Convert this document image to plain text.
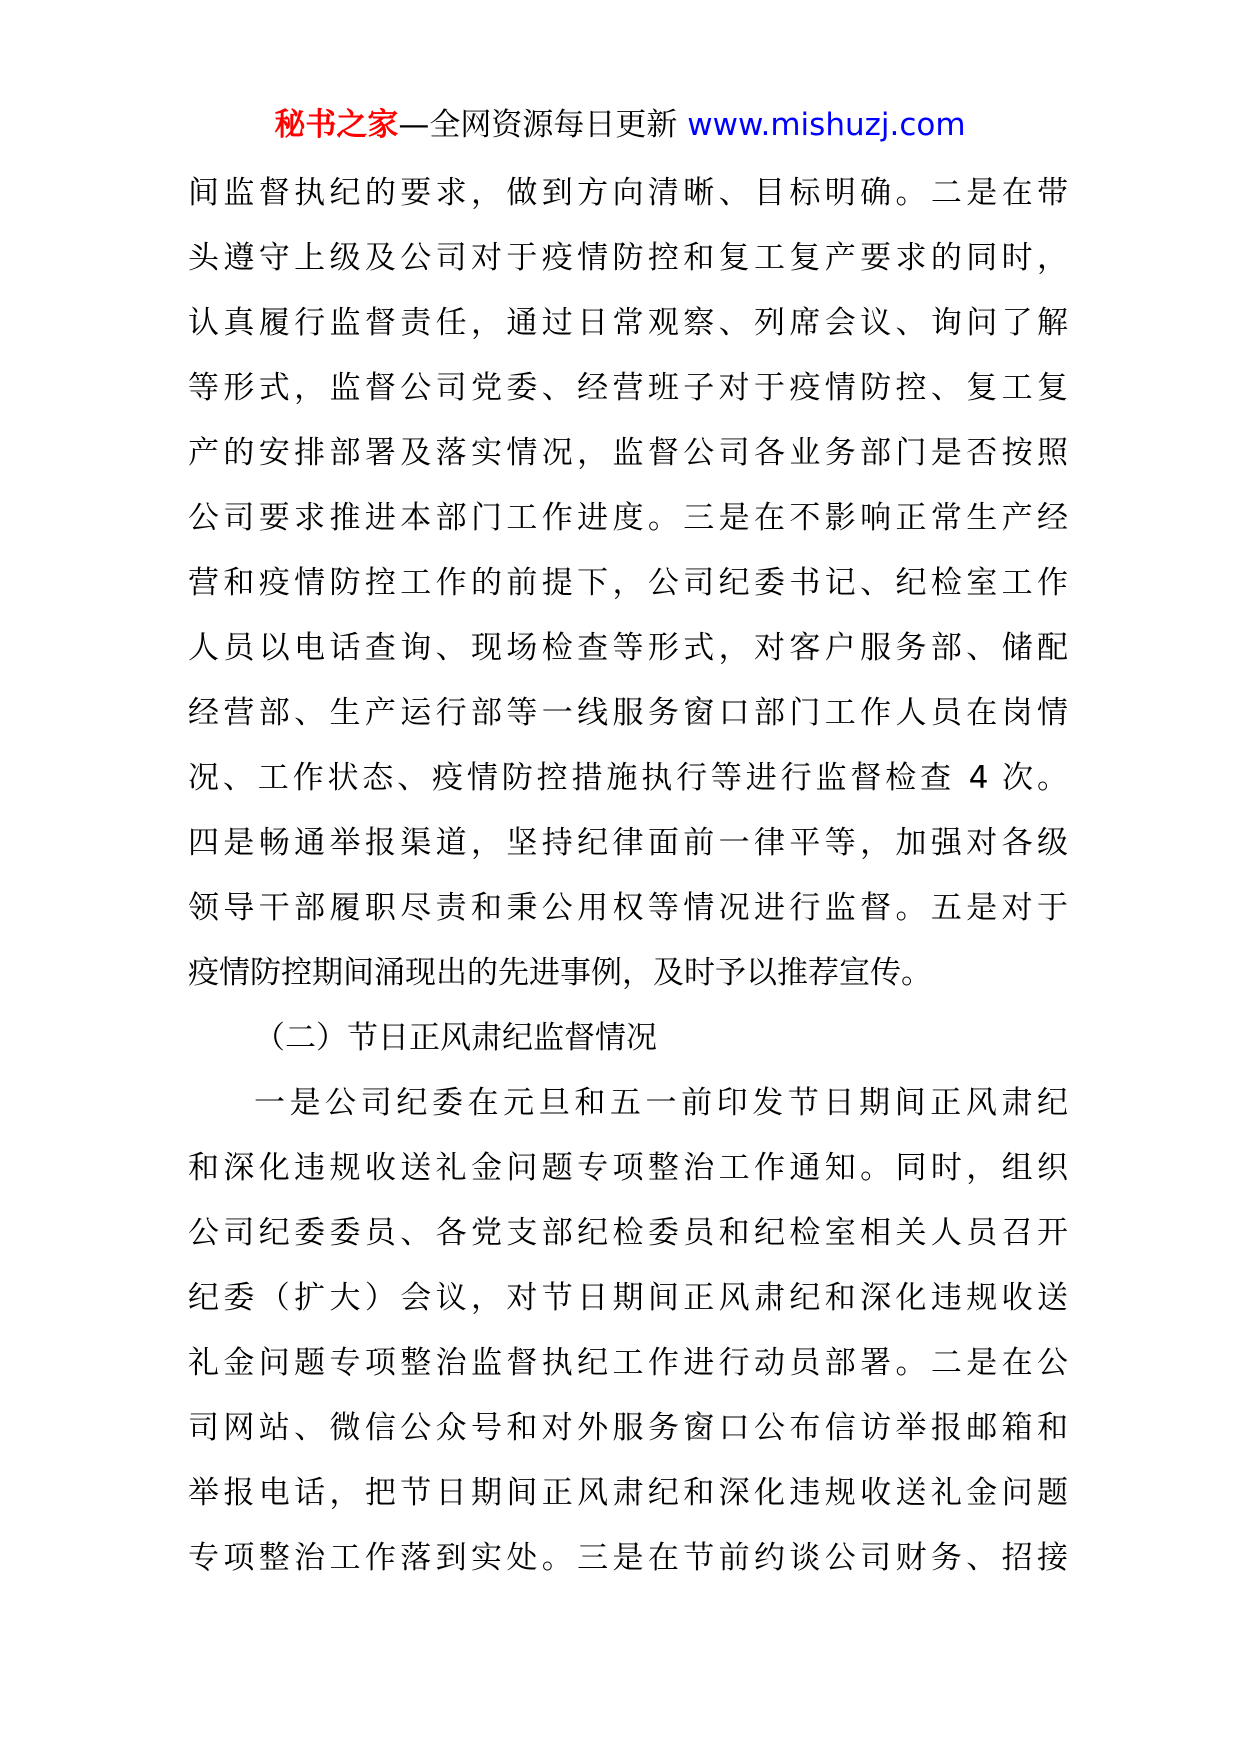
秘书之家—全网资源每日更新 www.mishuzj.com
间监督执纪的要求，做到方向清晰、目标明确。二是在带
头遵守上级及公司对于疫情防控和复工复产要求的同时，
认真履行监督责任，通过日常观察、列席会议、询问了解
等形式，监督公司党委、经营班子对于疫情防控、复工复
产的安排部署及落实情况，监督公司各业务部门是否按照
公司要求推进本部门工作进度。三是在不影响正常生产经
营和疫情防控工作的前提下，公司纪委书记、纪检室工作
人员以电话查询、现场检查等形式，对客户服务部、储配
经营部、生产运行部等一线服务窗口部门工作人员在岗情
况、工作状态、疫情防控措施执行等进行监督检查 4 次。
四是畅通举报渠道，坚持纪律面前一律平等，加强对各级
领导干部履职尽责和秉公用权等情况进行监督。五是对于
疫情防控期间涌现出的先进事例，及时予以推荐宣传。
（二）节日正风肃纪监督情况
一是公司纪委在元旦和五一前印发节日期间正风肃纪
和深化违规收送礼金问题专项整治工作通知。同时，组织
公司纪委委员、各党支部纪检委员和纪检室相关人员召开
纪委（扩大）会议，对节日期间正风肃纪和深化违规收送
礼金问题专项整治监督执纪工作进行动员部署。二是在公
司网站、微信公众号和对外服务窗口公布信访举报邮箱和
举报电话，把节日期间正风肃纪和深化违规收送礼金问题
专项整治工作落到实处。三是在节前约谈公司财务、招接
